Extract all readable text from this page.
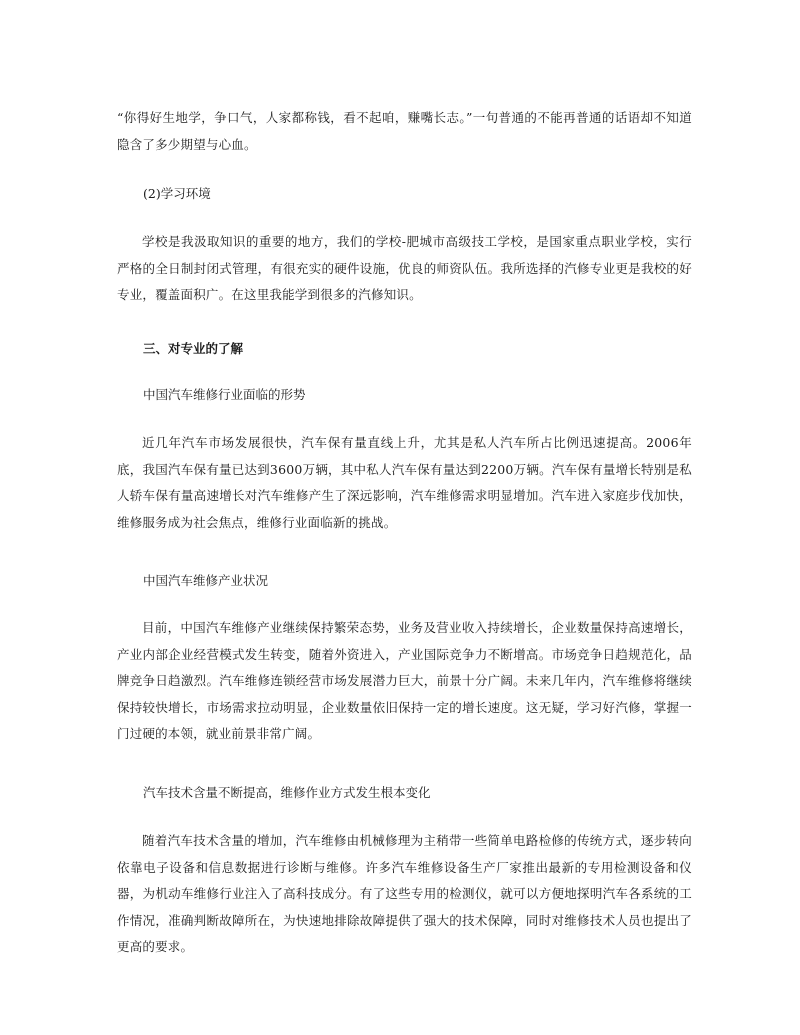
“你得好生地学，争口气，人家都称钱，看不起咱，赚嘴长志。”一句普通的不能再普通的话语却不知道隐含了多少期望与心血。

(2)学习环境

学校是我汲取知识的重要的地方，我们的学校-肥城市高级技工学校，是国家重点职业学校，实行严格的全日制封闭式管理，有很充实的硬件设施，优良的师资队伍。我所选择的汽修专业更是我校的好专业，覆盖面积广。在这里我能学到很多的汽修知识。

三、对专业的了解

中国汽车维修行业面临的形势

近几年汽车市场发展很快，汽车保有量直线上升，尤其是私人汽车所占比例迅速提高。2006年底，我国汽车保有量已达到3600万辆，其中私人汽车保有量达到2200万辆。汽车保有量增长特别是私人轿车保有量高速增长对汽车维修产生了深远影响，汽车维修需求明显增加。汽车进入家庭步伐加快，维修服务成为社会焦点，维修行业面临新的挑战。

中国汽车维修产业状况

目前，中国汽车维修产业继续保持繁荣态势，业务及营业收入持续增长，企业数量保持高速增长，产业内部企业经营模式发生转变，随着外资进入，产业国际竞争力不断增高。市场竞争日趋规范化，品牌竞争日趋激烈。汽车维修连锁经营市场发展潜力巨大，前景十分广阔。未来几年内，汽车维修将继续保持较快增长，市场需求拉动明显，企业数量依旧保持一定的增长速度。这无疑，学习好汽修，掌握一门过硬的本领，就业前景非常广阔。

汽车技术含量不断提高，维修作业方式发生根本变化

随着汽车技术含量的增加，汽车维修由机械修理为主稍带一些简单电路检修的传统方式，逐步转向依靠电子设备和信息数据进行诊断与维修。许多汽车维修设备生产厂家推出最新的专用检测设备和仪器，为机动车维修行业注入了高科技成分。有了这些专用的检测仪，就可以方便地探明汽车各系统的工作情况，准确判断故障所在，为快速地排除故障提供了强大的技术保障，同时对维修技术人员也提出了更高的要求。
